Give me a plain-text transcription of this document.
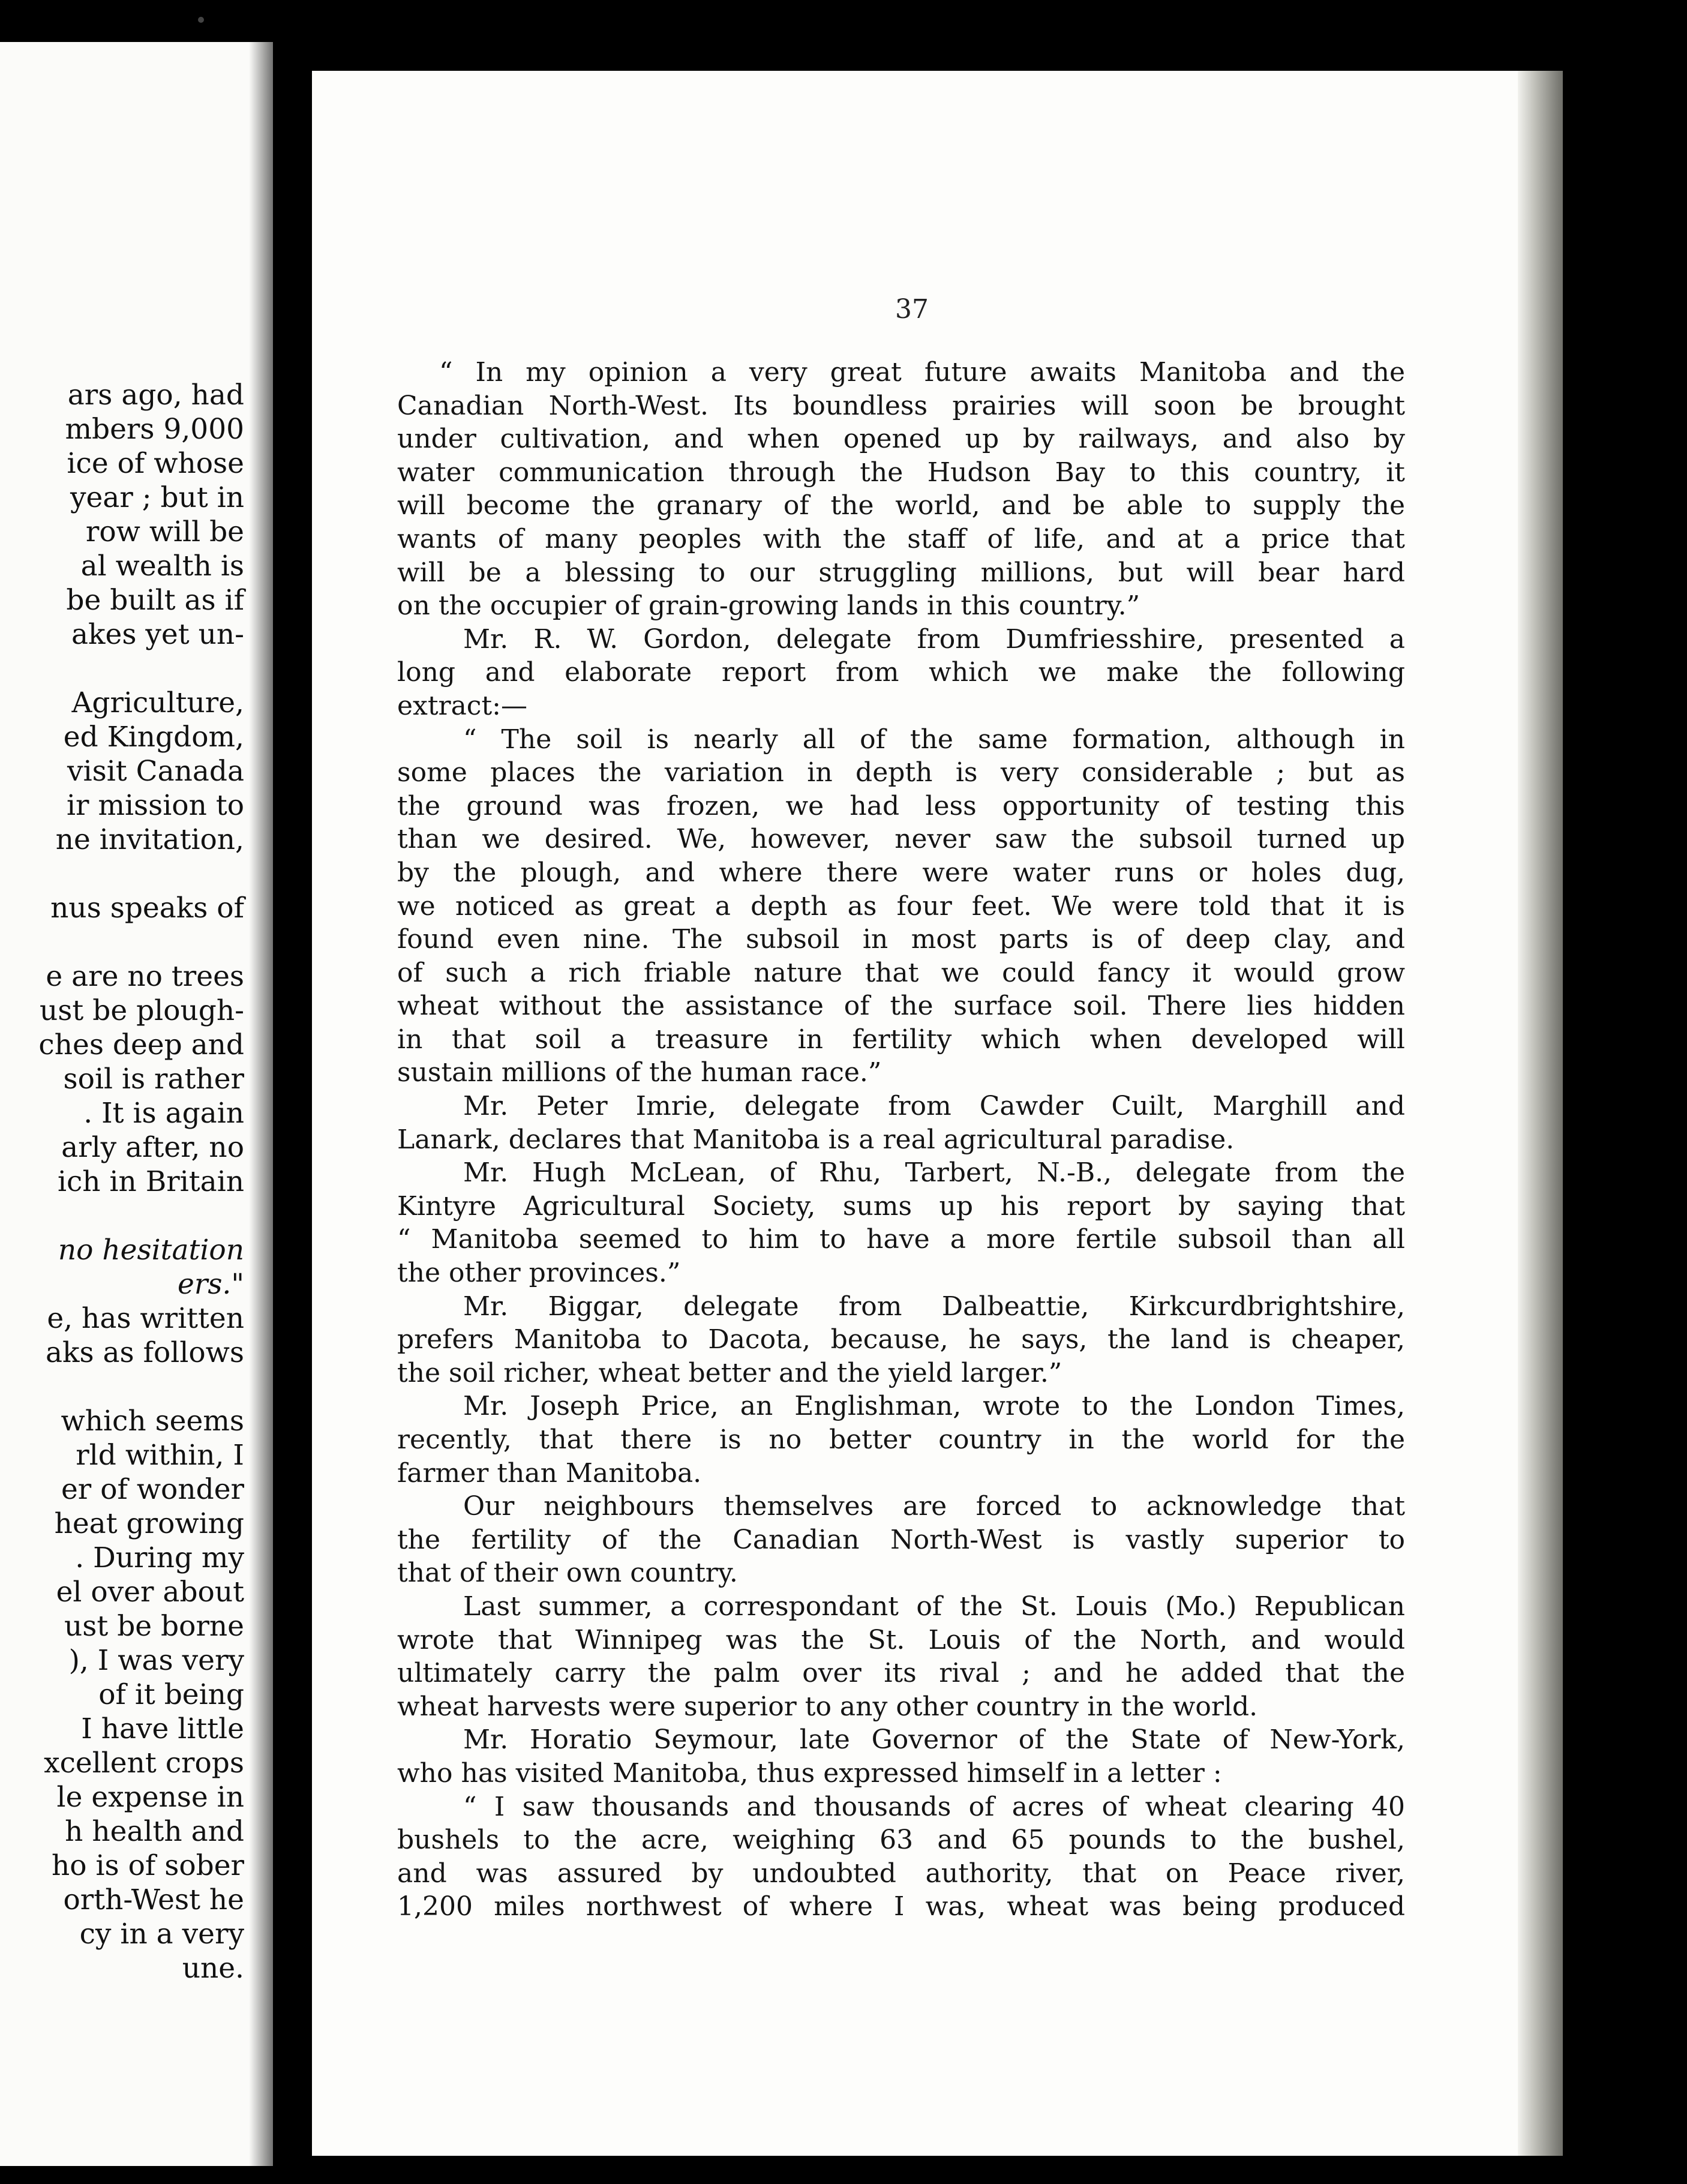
ars ago, had
mbers 9,000
ice of whose
year ; but in
row will be
al wealth is
be built as if
akes yet un-

Agriculture,
ed Kingdom,
visit Canada
ir mission to
ne invitation,

nus speaks of

e are no trees
ust be plough-
ches deep and
soil is rather
. It is again
arly after, no
ich in Britain

no hesitation
ers."
e, has written
aks as follows

which seems
rld within, I
er of wonder
heat growing
. During my
el over about
ust be borne
), I was very
of it being
I have little
xcellent crops
le expense in
h health and
ho is of sober
orth-West he
cy in a very
une.
37
“ In my opinion a very great future awaits Manitoba and the
Canadian North-West. Its boundless prairies will soon be brought
under cultivation, and when opened up by railways, and also by
water communication through the Hudson Bay to this country, it
will become the granary of the world, and be able to supply the
wants of many peoples with the staff of life, and at a price that
will be a blessing to our struggling millions, but will bear hard
on the occupier of grain-growing lands in this country.”
Mr. R. W. Gordon, delegate from Dumfriesshire, presented a
long and elaborate report from which we make the following
extract:—
“ The soil is nearly all of the same formation, although in
some places the variation in depth is very considerable ; but as
the ground was frozen, we had less opportunity of testing this
than we desired. We, however, never saw the subsoil turned up
by the plough, and where there were water runs or holes dug,
we noticed as great a depth as four feet. We were told that it is
found even nine. The subsoil in most parts is of deep clay, and
of such a rich friable nature that we could fancy it would grow
wheat without the assistance of the surface soil. There lies hidden
in that soil a treasure in fertility which when developed will
sustain millions of the human race.”
Mr. Peter Imrie, delegate from Cawder Cuilt, Marghill and
Lanark, declares that Manitoba is a real agricultural paradise.
Mr. Hugh McLean, of Rhu, Tarbert, N.-B., delegate from the
Kintyre Agricultural Society, sums up his report by saying that
“ Manitoba seemed to him to have a more fertile subsoil than all
the other provinces.”
Mr. Biggar, delegate from Dalbeattie, Kirkcurdbrightshire,
prefers Manitoba to Dacota, because, he says, the land is cheaper,
the soil richer, wheat better and the yield larger.”
Mr. Joseph Price, an Englishman, wrote to the London Times,
recently, that there is no better country in the world for the
farmer than Manitoba.
Our neighbours themselves are forced to acknowledge that
the fertility of the Canadian North-West is vastly superior to
that of their own country.
Last summer, a correspondant of the St. Louis (Mo.) Republican
wrote that Winnipeg was the St. Louis of the North, and would
ultimately carry the palm over its rival ; and he added that the
wheat harvests were superior to any other country in the world.
Mr. Horatio Seymour, late Governor of the State of New-York,
who has visited Manitoba, thus expressed himself in a letter :
“ I saw thousands and thousands of acres of wheat clearing 40
bushels to the acre, weighing 63 and 65 pounds to the bushel,
and was assured by undoubted authority, that on Peace river,
1,200 miles northwest of where I was, wheat was being produced
